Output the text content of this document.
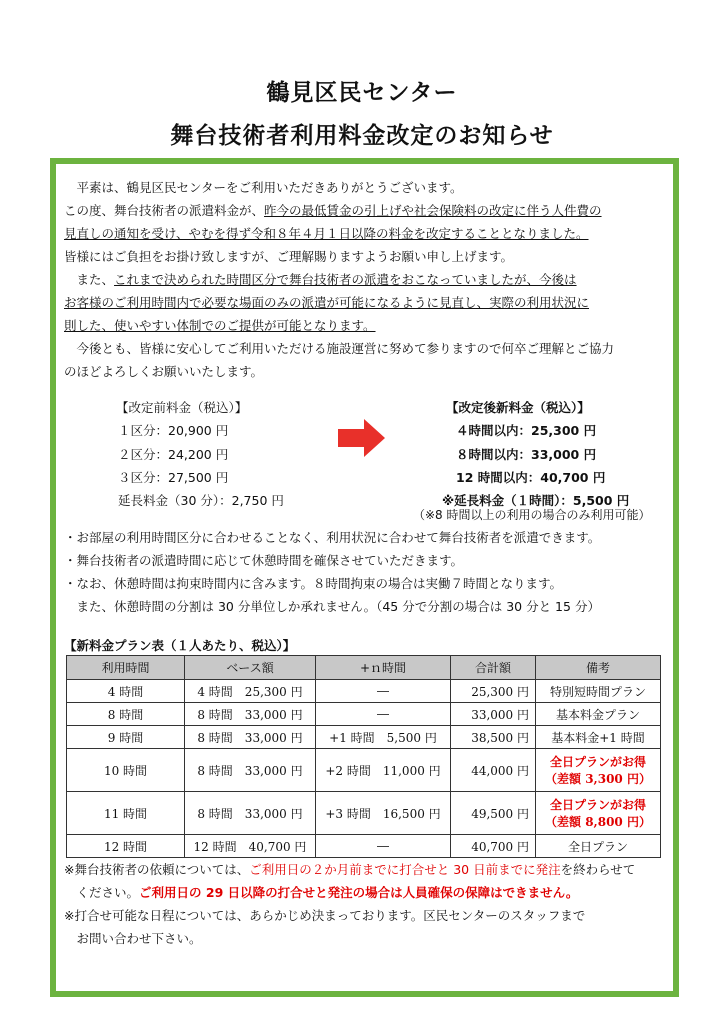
鶴見区民センター
舞台技術者利用料金改定のお知らせ
　平素は、鶴見区民センターをご利用いただきありがとうございます。
この度、舞台技術者の派遣料金が、昨今の最低賃金の引上げや社会保険料の改定に伴う人件費の
見直しの通知を受け、やむを得ず令和８年４月１日以降の料金を改定することとなりました。
皆様にはご負担をお掛け致しますが、ご理解賜りますようお願い申し上げます。
　また、これまで決められた時間区分で舞台技術者の派遣をおこなっていましたが、今後は
お客様のご利用時間内で必要な場面のみの派遣が可能になるように見直し、実際の利用状況に
則した、使いやすい体制でのご提供が可能となります。
　今後とも、皆様に安心してご利用いただける施設運営に努めて参りますので何卒ご理解とご協力
のほどよろしくお願いいたします。
【改定前料金（税込）】
１区分：20,900 円
２区分：24,200 円
３区分：27,500 円
延長料金（30 分）：2,750 円
【改定後新料金（税込）】
４時間以内：25,300 円
８時間以内：33,000 円
12 時間以内：40,700 円
※延長料金（１時間）：5,500 円
（※8 時間以上の利用の場合のみ利用可能）
・お部屋の利用時間区分に合わせることなく、利用状況に合わせて舞台技術者を派遣できます。
・舞台技術者の派遣時間に応じて休憩時間を確保させていただきます。
・なお、休憩時間は拘束時間内に含みます。８時間拘束の場合は実働７時間となります。
　また、休憩時間の分割は 30 分単位しか承れません。（45 分で分割の場合は 30 分と 15 分）
【新料金プラン表（１人あたり、税込）】
利用時間	ベース額	+ｎ時間	合計額	備考
4 時間	4 時間　25,300 円	―	25,300 円	特別短時間プラン
8 時間	8 時間　33,000 円	―	33,000 円	基本料金プラン
9 時間	8 時間　33,000 円	+1 時間　5,500 円	38,500 円	基本料金+1 時間
10 時間	8 時間　33,000 円	+2 時間　11,000 円	44,000 円	全日プランがお得
（差額 3,300 円）

11 時間	8 時間　33,000 円	+3 時間　16,500 円	49,500 円	全日プランがお得
（差額 8,800 円）

12 時間	12 時間　40,700 円	―	40,700 円	全日プラン
※舞台技術者の依頼については、ご利用日の２か月前までに打合せと 30 日前までに発注を終わらせて
　ください。ご利用日の 29 日以降の打合せと発注の場合は人員確保の保障はできません。
※打合せ可能な日程については、あらかじめ決まっております。区民センターのスタッフまで
　お問い合わせ下さい。
